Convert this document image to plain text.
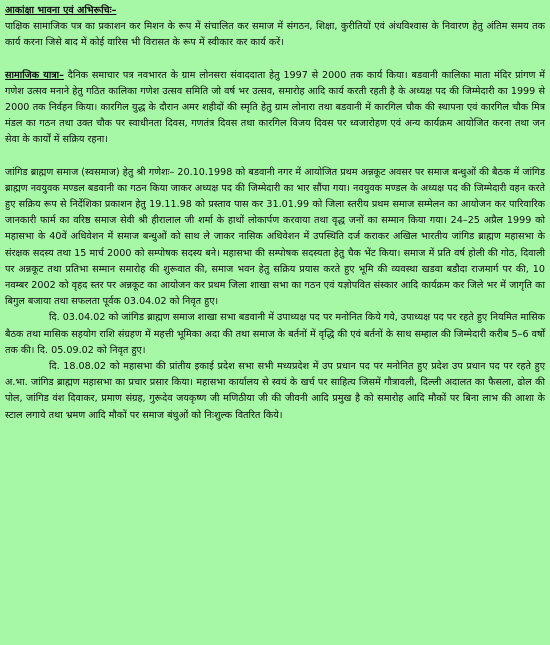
आकांक्षा भावना एवं अभिरूचिः–

पाक्षिक सामाजिक पत्र का प्रकाशन कर मिशन के रूप में संचालित कर समाज में संगठन, शिक्षा, कुरीतियों एवं अंधविश्वास के निवारण हेतु अंतिम समय तक कार्य करना जिसे बाद में कोई वारिस भी विरासत के रूप में स्वीकार कर कार्य करें।

सामाजिक यात्रा– दैनिक समाचार पत्र नवभारत के ग्राम लोनसरा संवाददाता हेतु 1997 से 2000 तक कार्य किया। बडवानी कालिका माता मंदिर प्रांगण में गणेश उत्सव मनाने हेतु गठित कालिका गणेश उत्सव समिति जो वर्ष भर उत्सव, समारोह आदि कार्य करती रहती है के अध्यक्ष पद की जिम्मेदारी का 1999 से 2000 तक निर्वहन किया। कारगिल युद्ध के दौरान अमर शहीदों की स्मृति हेतु ग्राम लोनारा तथा बडवानी में कारगिल चौक की स्थापना एवं कारगिल चौक मित्र मंडल का गठन तथा उक्त चौक पर स्वाधीनता दिवस, गणतंत्र दिवस तथा कारगिल विजय दिवस पर ध्वजारोहण एवं अन्य कार्यक्रम आयोजित करना तथा जन सेवा के कार्यों में सक्रिय रहना।

जांगिड ब्राह्मण समाज (स्वसमाज) हेतु श्री गणेशः– 20.10.1998 को बडवानी नगर में आयोजित प्रथम अन्नकूट अवसर पर समाज बन्धुओं की बैठक में जांगिड ब्राह्मण नवयुवक मण्डल बडवानी का गठन किया जाकर अध्यक्ष पद की जिम्मेदारी का भार सौंपा गया। नवयुवक मण्डल के अध्यक्ष पद की जिम्मेदारी वहन करते हुए सक्रिय रूप से निर्देशिका प्रकाशन हेतु 19.11.98 को प्रस्ताव पास कर 31.01.99 को जिला स्तरीय प्रथम समाज सम्मेलन का आयोजन कर पारिवारिक जानकारी फार्म का वरिष्ठ समाज सेवी श्री हीरालाल जी शर्मा के हाथों लोकार्पण करवाया तथा वृद्ध जनों का सम्मान किया गया। 24–25 अप्रैल 1999 को महासभा के 40वें अधिवेशन में समाज बन्धुओं को साथ ले जाकर नासिक अधिवेशन में उपस्थिति दर्ज कराकर अखिल भारतीय जांगिड ब्राह्मण महासभा के संरक्षक सदस्य तथा 15 मार्च 2000 को सम्पोषक सदस्य बने। महासभा की सम्पोषक सदस्यता हेतु चैक भेंट किया। समाज में प्रति वर्ष होली की गोठ, दिवाली पर अन्नकूट तथा प्रतिभा सम्मान समारोह की शुरूवात की, समाज भवन हेतु सक्रिय प्रयास करते हुए भूमि की व्यवस्था खडवा बडौदा राजमार्ग पर की, 10 नवम्बर 2002 को वृहद स्तर पर अन्नकूट का आयोजन कर प्रथम जिला शाखा सभा का गठन एवं यज्ञोपवित संस्कार आदि कार्यक्रम कर जिले भर में जागृति का बिगुल बजाया तथा सफलता पूर्वक 03.04.02 को निवृत हुए।

दि. 03.04.02 को जांगिड ब्राह्मण समाज शाखा सभा बडवानी में उपाध्यक्ष पद पर मनोनित किये गये, उपाध्यक्ष पद पर रहते हुए नियमित मासिक बैठक तथा मासिक सहयोग राशि संग्रहण में महत्ती भूमिका अदा की तथा समाज के बर्तनों में वृद्धि की एवं बर्तनों के साथ सम्हाल की जिम्मेदारी करीब 5–6 वर्षों तक की। दि. 05.09.02 को निवृत हुए।

दि. 18.08.02 को महासभा की प्रांतीय इकाई प्रदेश सभा सभी मध्यप्रदेश में उप प्रधान पद पर मनोनित हुए प्रदेश उप प्रधान पद पर रहते हुए अ.भा. जांगिड ब्राह्मण महासभा का प्रचार प्रसार किया। महासभा कार्यालय से स्वयं के खर्च पर साहित्य जिसमें गौत्रावली, दिल्ली अदालत का फैसला, ढोल की पोल, जांगिड वंश दिवाकर, प्रमाण संग्रह, गुरूदेव जयकृष्ण जी मणिठीया जी की जीवनी आदि प्रमुख है को समारोह आदि मौकों पर बिना लाभ की आशा के स्टाल लगाये तथा भ्रमण आदि मौकों पर समाज बंधुओं को निःशुल्क वितरित किये।
